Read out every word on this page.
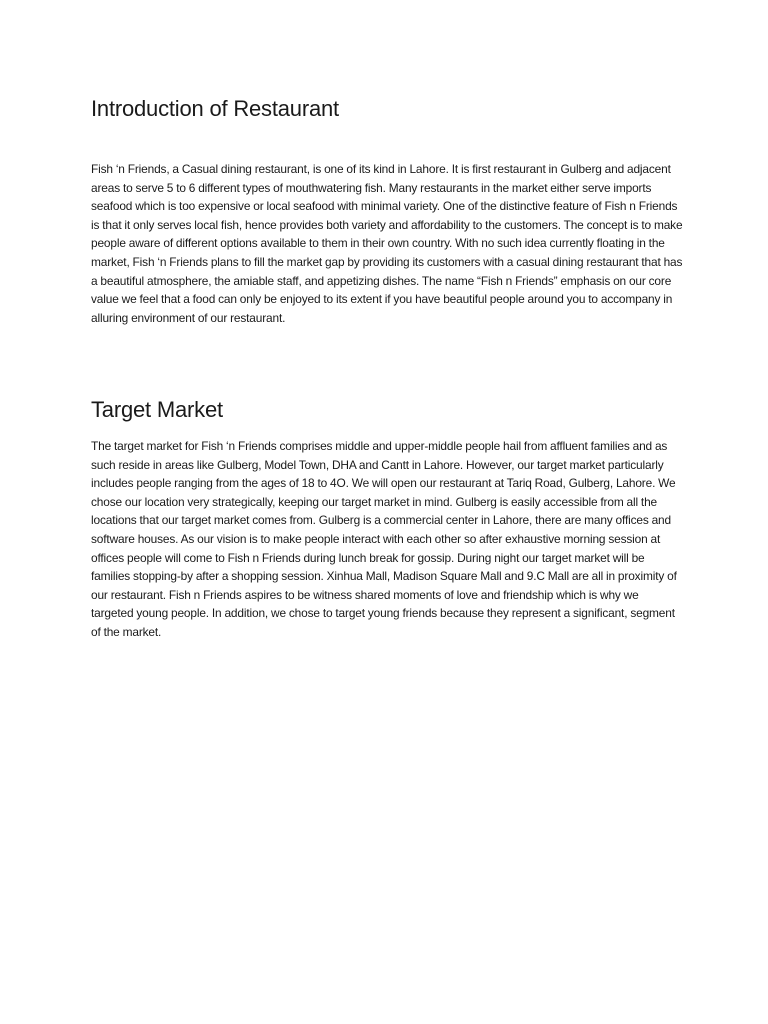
Introduction of Restaurant

Fish ‘n Friends, a Casual dining restaurant, is one of its kind in Lahore. It is first restaurant in Gulberg and adjacent areas to serve 5 to 6 different types of mouthwatering fish. Many restaurants in the market either serve imports seafood which is too expensive or local seafood with minimal variety. One of the distinctive feature of Fish n Friends is that it only serves local fish, hence provides both variety and affordability to the customers. The concept is to make people aware of different options available to them in their own country. With no such idea currently floating in the market, Fish ‘n Friends plans to fill the market gap by providing its customers with a casual dining restaurant that has a beautiful atmosphere, the amiable staff, and appetizing dishes. The name “Fish n Friends” emphasis on our core value we feel that a food can only be enjoyed to its extent if you have beautiful people around you to accompany in alluring environment of our restaurant.

Target Market

The target market for Fish ‘n Friends comprises middle and upper-middle people hail from affluent families and as such reside in areas like Gulberg, Model Town, DHA and Cantt in Lahore. However, our target market particularly includes people ranging from the ages of 18 to 4O. We will open our restaurant at Tariq Road, Gulberg, Lahore. We chose our location very strategically, keeping our target market in mind. Gulberg is easily accessible from all the locations that our target market comes from. Gulberg is a commercial center in Lahore, there are many offices and software houses. As our vision is to make people interact with each other so after exhaustive morning session at offices people will come to Fish n Friends during lunch break for gossip. During night our target market will be families stopping-by after a shopping session. Xinhua Mall, Madison Square Mall and 9.C Mall are all in proximity of our restaurant. Fish n Friends aspires to be witness shared moments of love and friendship which is why we targeted young people. In addition, we chose to target young friends because they represent a significant, segment of the market.
